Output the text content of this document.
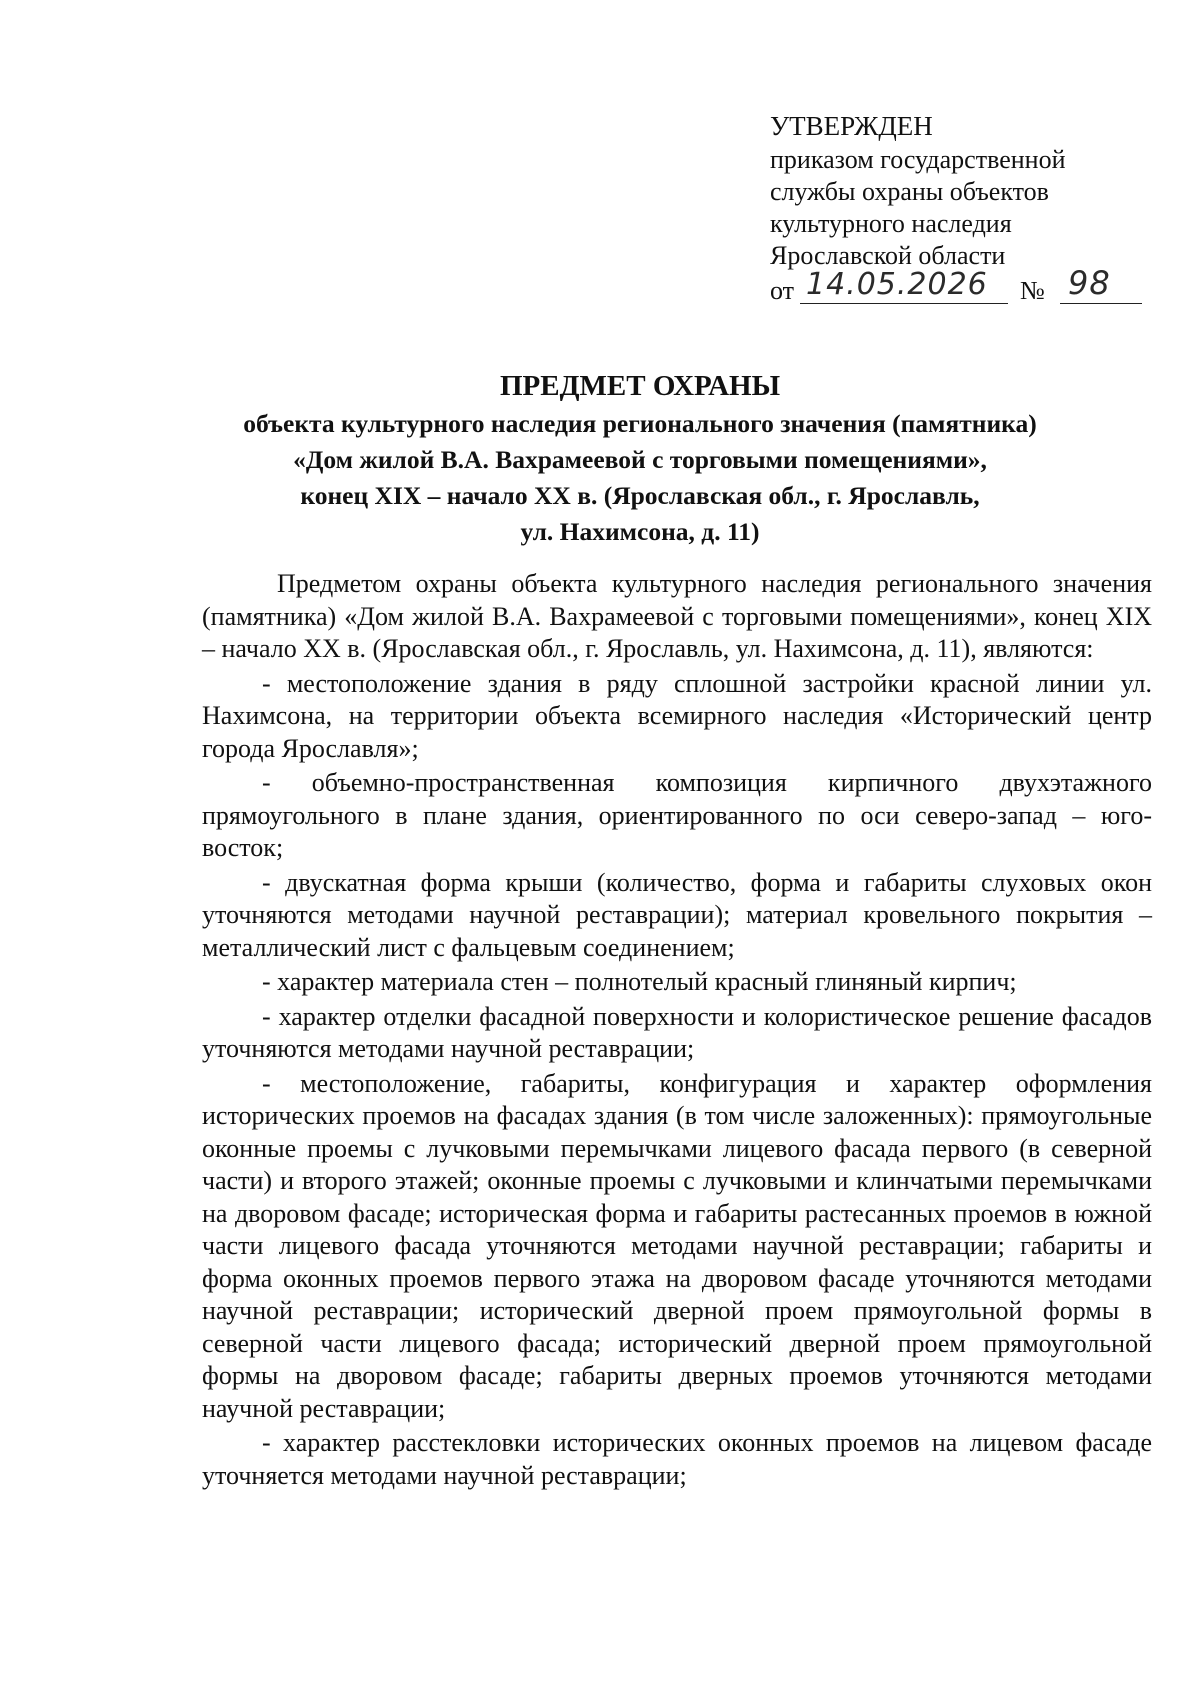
УТВЕРЖДЕН
приказом государственной
службы охраны объектов
культурного наследия
Ярославской области
от 14.05.2026 № 98
ПРЕДМЕТ ОХРАНЫ
объекта культурного наследия регионального значения (памятника)
«Дом жилой В.А. Вахрамеевой с торговыми помещениями»,
конец XIX – начало XX в. (Ярославская обл., г. Ярославль,
ул. Нахимсона, д. 11)

Предметом охраны объекта культурного наследия регионального значения (памятника) «Дом жилой В.А. Вахрамеевой с торговыми помещениями», конец XIX – начало XX в. (Ярославская обл., г. Ярославль, ул. Нахимсона, д. 11), являются:

- местоположение здания в ряду сплошной застройки красной линии ул. Нахимсона, на территории объекта всемирного наследия «Исторический центр города Ярославля»;

- объемно-пространственная композиция кирпичного двухэтажного прямоугольного в плане здания, ориентированного по оси северо-запад – юго-восток;

- двускатная форма крыши (количество, форма и габариты слуховых окон уточняются методами научной реставрации); материал кровельного покрытия – металлический лист с фальцевым соединением;

- характер материала стен – полнотелый красный глиняный кирпич;

- характер отделки фасадной поверхности и колористическое решение фасадов уточняются методами научной реставрации;

- местоположение, габариты, конфигурация и характер оформления исторических проемов на фасадах здания (в том числе заложенных): прямоугольные оконные проемы с лучковыми перемычками лицевого фасада первого (в северной части) и второго этажей; оконные проемы с лучковыми и клинчатыми перемычками на дворовом фасаде; историческая форма и габариты растесанных проемов в южной части лицевого фасада уточняются методами научной реставрации; габариты и форма оконных проемов первого этажа на дворовом фасаде уточняются методами научной реставрации; исторический дверной проем прямоугольной формы в северной части лицевого фасада; исторический дверной проем прямоугольной формы на дворовом фасаде; габариты дверных проемов уточняются методами научной реставрации;

- характер расстекловки исторических оконных проемов на лицевом фасаде уточняется методами научной реставрации;
